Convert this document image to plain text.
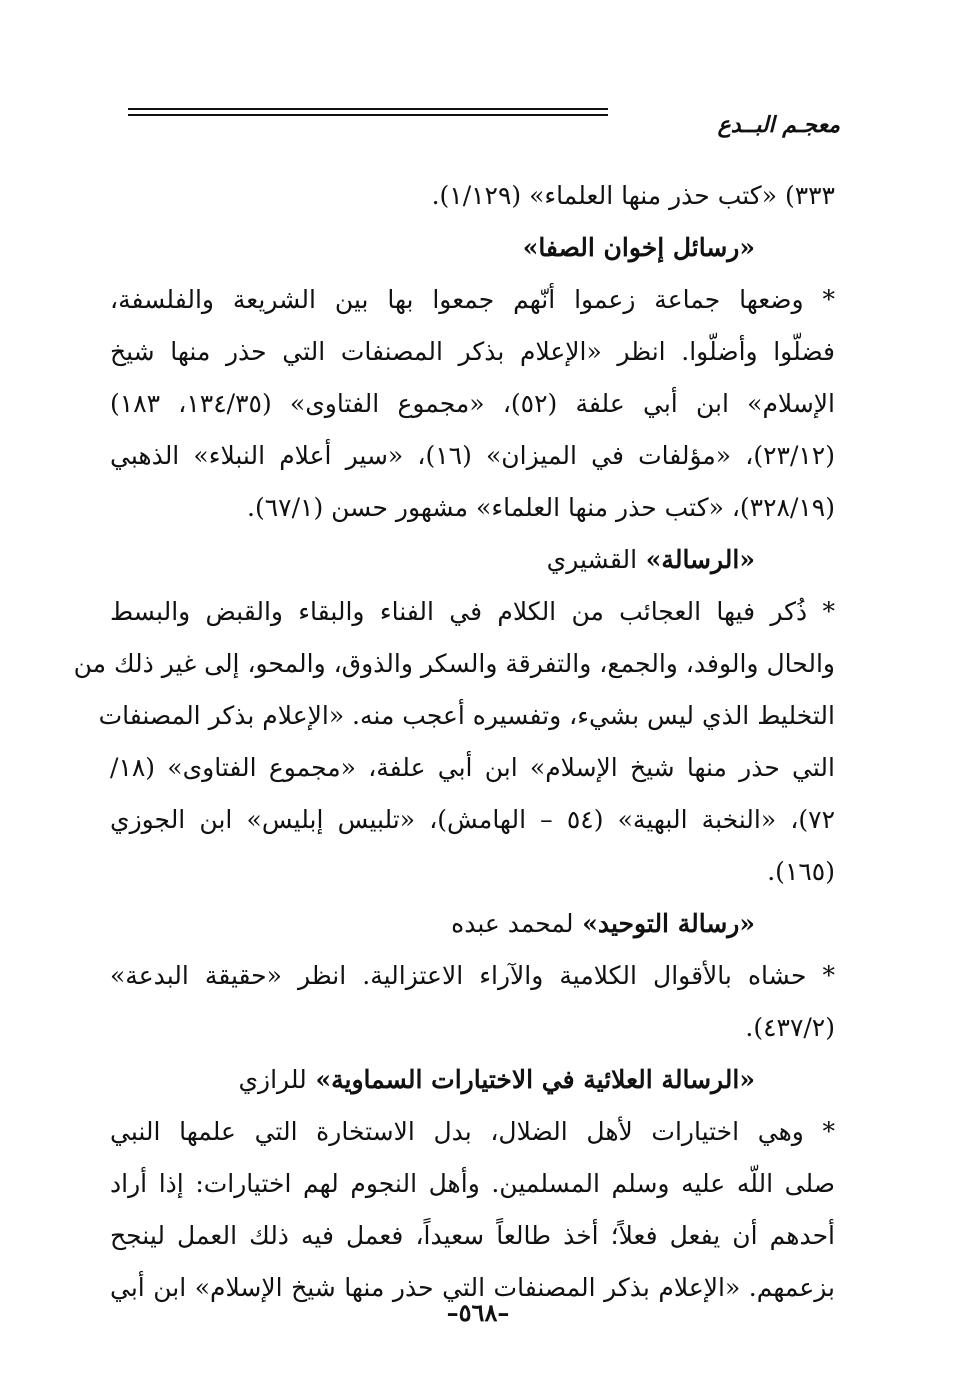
معجـم البــدع
٣٣٣) «كتب حذر منها العلماء» (١/١٢٩).
«رسائل إخوان الصفا»
* وضعها جماعة زعموا أنّهم جمعوا بها بين الشريعة والفلسفة،
فضلّوا وأضلّوا. انظر «الإعلام بذكر المصنفات التي حذر منها شيخ
الإسلام» ابن أبي علفة (٥٢)، «مجموع الفتاوى» (١٣٤/٣٥، ١٨٣)
(٢٣/١٢)، «مؤلفات في الميزان» (١٦)، «سير أعلام النبلاء» الذهبي
(٣٢٨/١٩)، «كتب حذر منها العلماء» مشهور حسن (٦٧/١).
«الرسالة» القشيري
* ذُكر فيها العجائب من الكلام في الفناء والبقاء والقبض والبسط
والحال والوفد، والجمع، والتفرقة والسكر والذوق، والمحو، إلى غير ذلك من
التخليط الذي ليس بشيء، وتفسيره أعجب منه. «الإعلام بذكر المصنفات
التي حذر منها شيخ الإسلام» ابن أبي علفة، «مجموع الفتاوى» (١٨/
٧٢)، «النخبة البهية» (٥٤ – الهامش)، «تلبيس إبليس» ابن الجوزي
(١٦٥).
«رسالة التوحيد» لمحمد عبده
* حشاه بالأقوال الكلامية والآراء الاعتزالية. انظر «حقيقة البدعة»
(٤٣٧/٢).
«الرسالة العلائية في الاختيارات السماوية» للرازي
* وهي اختيارات لأهل الضلال، بدل الاستخارة التي علمها النبي
صلى اللّه عليه وسلم المسلمين. وأهل النجوم لهم اختيارات: إذا أراد
أحدهم أن يفعل فعلاً؛ أخذ طالعاً سعيداً، فعمل فيه ذلك العمل لينجح
بزعمهم. «الإعلام بذكر المصنفات التي حذر منها شيخ الإسلام» ابن أبي
–٥٦٨–
